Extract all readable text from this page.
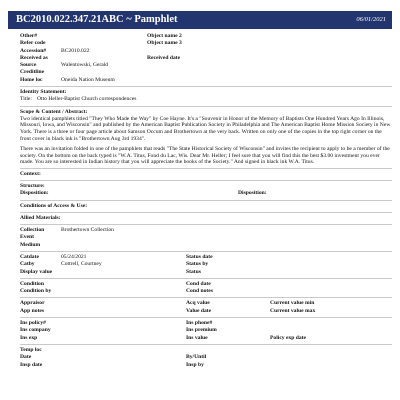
BC2010.022.347.21ABC ~ Pamphlet	06/01/2021
Other#	Object name 2
Refer code	Object name 3
Accession#	BC2010.022
Received as	Received date
Source	Walentowski, Gerald
Creditline
Home loc	Oneida Nation Museum
Identity Statement:
Title: Otto Heller-Baptist Church correspondences
Scope & Content / Abstract:
Two identical pamphlets titled "They Who Made the Way" by Coe Hayne. It's a "Souvenir in Honor of the Memory of Baptists One Hundred Years Ago In Illinois, Missouri, Iowa, and Wisconsin" and published by the American Baptist Publication Society in Philadelphia and The American Baptist Home Mission Society in New York. There is a three or four page article about Samson Occum and Brothertown at the very back. Written on only one of the copies in the top right corner on the front cover in black ink is "Brothertown Aug 3rd 1934".
There was an invitation folded in one of the pamphlets that reads "The State Historical Society of Wisconsin" and invites the recipient to apply to be a member of the society. On the bottom on the back typed is "W.A. Titus, Fond du Lac, Wis. Dear Mr. Heller; I feel sure that you will find this the best $3.00 investment you ever made. You are so interested in Indian history that you will appreciate the books of the Society." And signed in black ink W.A. Titus.
Context:
Structure:
Disposition:	Disposition:
Conditions of Access & Use:
Allied Materials:
Collection	Brothertown Collection
Event
Medium
Catdate	05/24/2021	Status date
Catby	Cottrell, Courtney	Status by
Display value	Status
Condition	Cond date
Condition by	Cond notes
Appraisor	Acq value	Current value min
App notes	Value date	Current value max
Ins policy#	Ins phone#
Ins company	Ins premium
Ins exp	Ins value	Policy exp date
Temp loc
Date	By/Until
Insp date	Insp by
